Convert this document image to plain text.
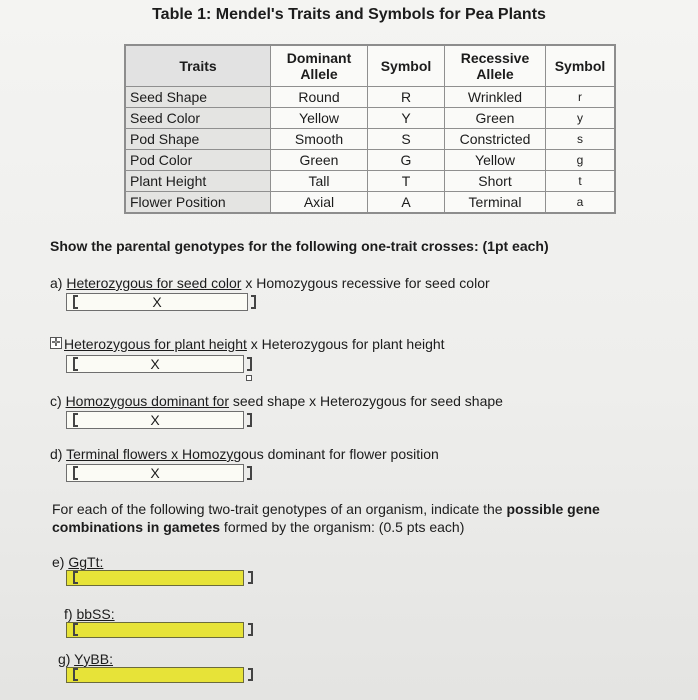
Table 1: Mendel's Traits and Symbols for Pea Plants
Traits	Dominant Allele	Symbol	Recessive Allele	Symbol
Seed Shape	Round	R	Wrinkled	r
Seed Color	Yellow	Y	Green	y
Pod Shape	Smooth	S	Constricted	s
Pod Color	Green	G	Yellow	g
Plant Height	Tall	T	Short	t
Flower Position	Axial	A	Terminal	a
Show the parental genotypes for the following one-trait crosses: (1pt each)
a) Heterozygous for seed color x Homozygous recessive for seed color
X
✛ Heterozygous for plant height x Heterozygous for plant height
X
c) Homozygous dominant for seed shape x Heterozygous for seed shape
X
d) Terminal flowers x Homozygous dominant for flower position
X
For each of the following two-trait genotypes of an organism, indicate the possible gene
combinations in gametes formed by the organism: (0.5 pts each)
e) GgTt:
f) bbSS:
g) YyBB:
